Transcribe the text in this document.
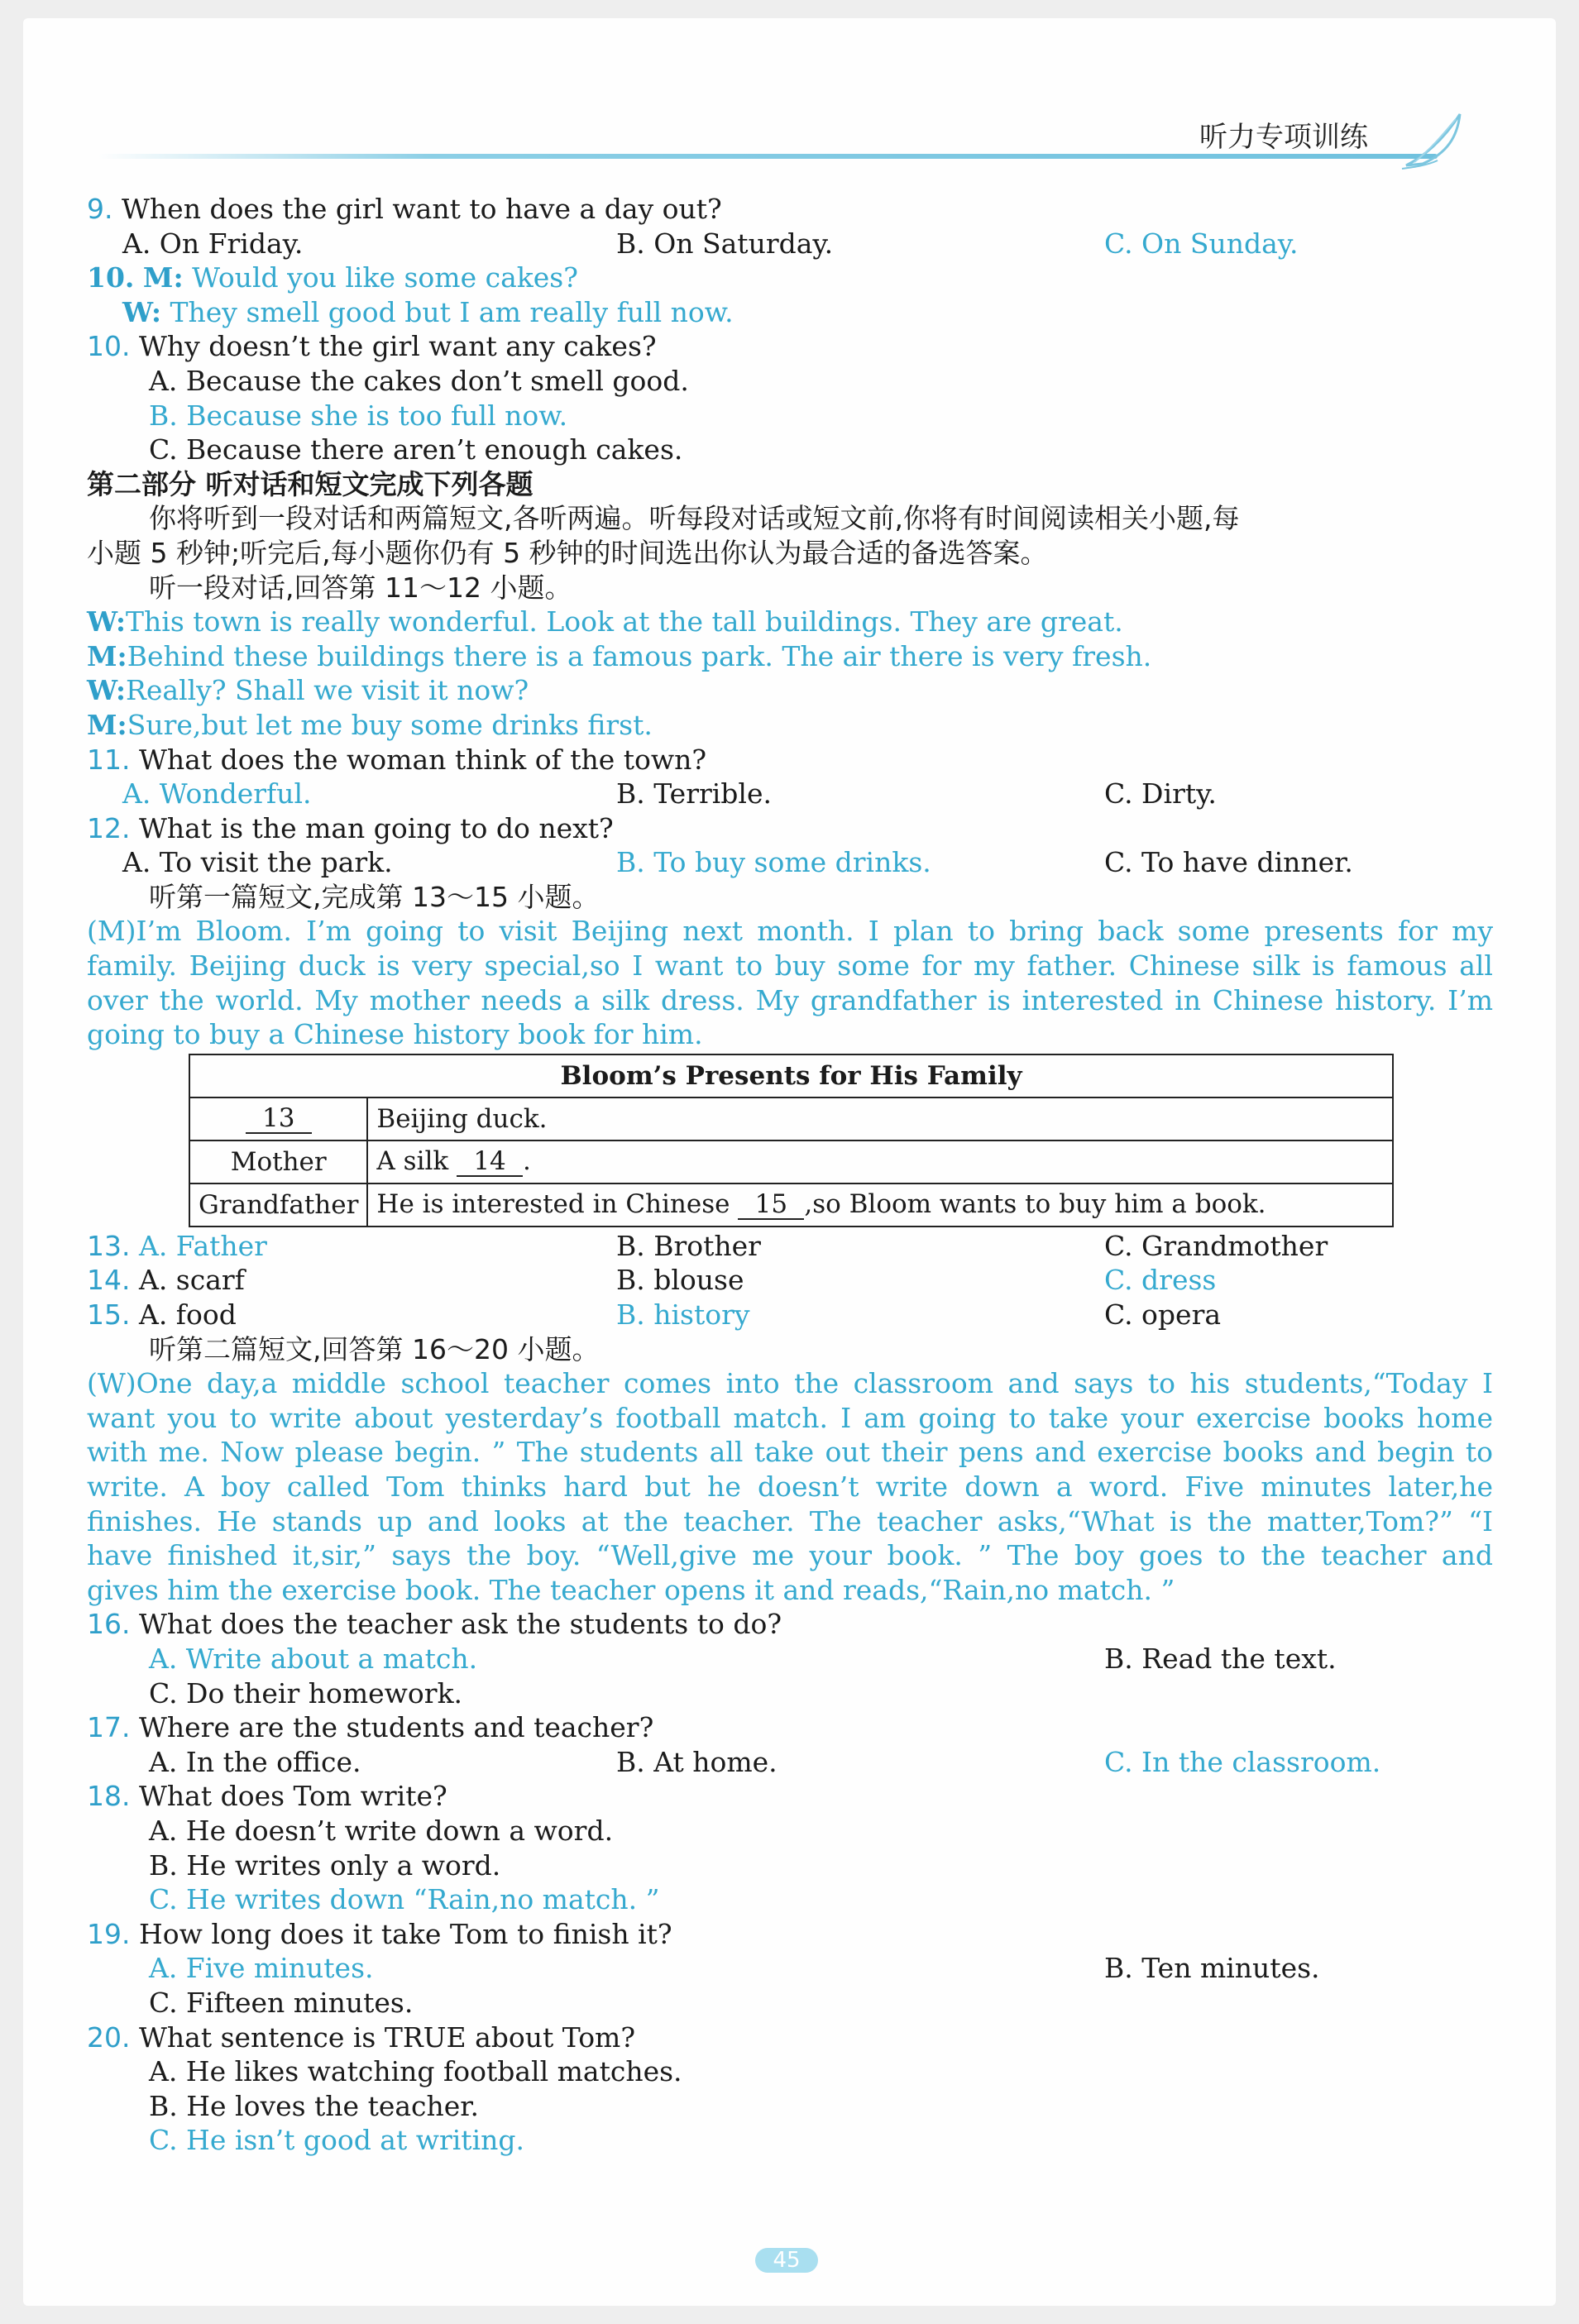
听力专项训练
9. When does the girl want to have a day out?
A. On Friday.	B. On Saturday.	C. On Sunday.
10. M: Would you like some cakes?
W: They smell good but I am really full now.
10. Why doesn’t the girl want any cakes?
A. Because the cakes don’t smell good.
B. Because she is too full now.
C. Because there aren’t enough cakes.
第二部分 听对话和短文完成下列各题
你将听到一段对话和两篇短文,各听两遍。听每段对话或短文前,你将有时间阅读相关小题,每
小题 5 秒钟;听完后,每小题你仍有 5 秒钟的时间选出你认为最合适的备选答案。
听一段对话,回答第 11～12 小题。
W:This town is really wonderful. Look at the tall buildings. They are great.
M:Behind these buildings there is a famous park. The air there is very fresh.
W:Really? Shall we visit it now?
M:Sure,but let me buy some drinks first.
11. What does the woman think of the town?
A. Wonderful.	B. Terrible.	C. Dirty.
12. What is the man going to do next?
A. To visit the park.	B. To buy some drinks.	C. To have dinner.
听第一篇短文,完成第 13～15 小题。
(M)I’m Bloom. I’m going to visit Beijing next month. I plan to bring back some presents for my
family. Beijing duck is very special,so I want to buy some for my father. Chinese silk is famous all
over the world. My mother needs a silk dress. My grandfather is interested in Chinese history. I’m
going to buy a Chinese history book for him.
Bloom’s Presents for His Family	
13	Beijing duck.
Mother	A silk 14 .
Grandfather	He is interested in Chinese 15 ,so Bloom wants to buy him a book.
13. A. Father	B. Brother	C. Grandmother
14. A. scarf	B. blouse	C. dress
15. A. food	B. history	C. opera
听第二篇短文,回答第 16～20 小题。
(W)One day,a middle school teacher comes into the classroom and says to his students,“Today I
want you to write about yesterday’s football match. I am going to take your exercise books home
with me. Now please begin. ” The students all take out their pens and exercise books and begin to
write. A boy called Tom thinks hard but he doesn’t write down a word. Five minutes later,he
finishes. He stands up and looks at the teacher. The teacher asks,“What is the matter,Tom?” “I
have finished it,sir,” says the boy. “Well,give me your book. ” The boy goes to the teacher and
gives him the exercise book. The teacher opens it and reads,“Rain,no match. ”
16. What does the teacher ask the students to do?
A. Write about a match.	B. Read the text.
C. Do their homework.
17. Where are the students and teacher?
A. In the office.	B. At home.	C. In the classroom.
18. What does Tom write?
A. He doesn’t write down a word.
B. He writes only a word.
C. He writes down “Rain,no match. ”
19. How long does it take Tom to finish it?
A. Five minutes.	B. Ten minutes.
C. Fifteen minutes.
20. What sentence is TRUE about Tom?
A. He likes watching football matches.
B. He loves the teacher.
C. He isn’t good at writing.
45
